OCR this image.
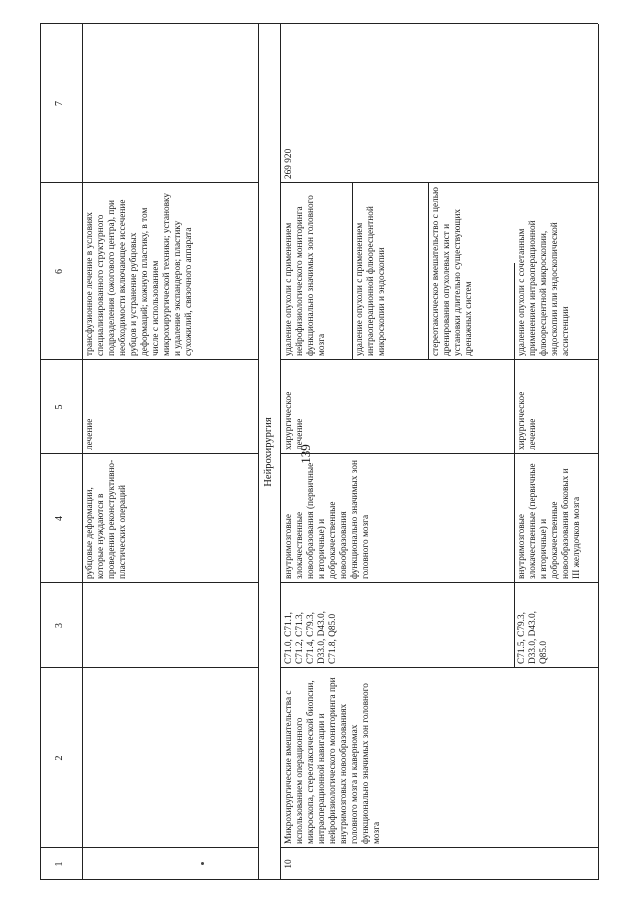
139
1
2
3
4
5
6
7
рубцовые деформации, которые нуждаются в проведении реконструктивно-пластических операций
лечение
трансфузионное лечение в условиях специализированного структурного подразделения (ожогового центра), при необходимости включающее иссечение рубцов и устранение рубцовых деформаций; кожную пластику, в том числе с использованием микрохирургической техники; установку и удаление экспандеров; пластику сухожилий, связочного аппарата
Нейрохирургия
10
Микрохирургические вмешательства с использованием операционного микроскопа, стереотаксической биопсии, интраоперационной навигации и нейрофизиологического мониторинга при внутримозговых новообразованиях головного мозга и каверномах функционально значимых зон головного мозга
269 920
C71.0, C71.1, C71.2, C71.3, C71.4, C79.3, D33.0, D43.0, C71.8, Q85.0
внутримозговые злокачественные новообразования (первичные и вторичные) и доброкачественные новообразования функционально значимых зон головного мозга
хирургическое лечение
удаление опухоли с применением нейрофизиологического мониторинга функционально значимых зон головного мозга	удаление опухоли с применением интраоперационной флюоресцентной микроскопии и эндоскопии	стереотаксическое вмешательство с целью дренирования опухолевых кист и установки длительно существующих дренажных систем
C71.5, C79.3, D33.0, D43.0, Q85.0
внутримозговые злокачественные (первичные и вторичные) и доброкачественные новообразования боковых и III желудочков мозга
хирургическое лечение
удаление опухоли с сочетанным применением интраоперационной флюоресцентной микроскопии, эндоскопии или эндоскопической ассистенции
